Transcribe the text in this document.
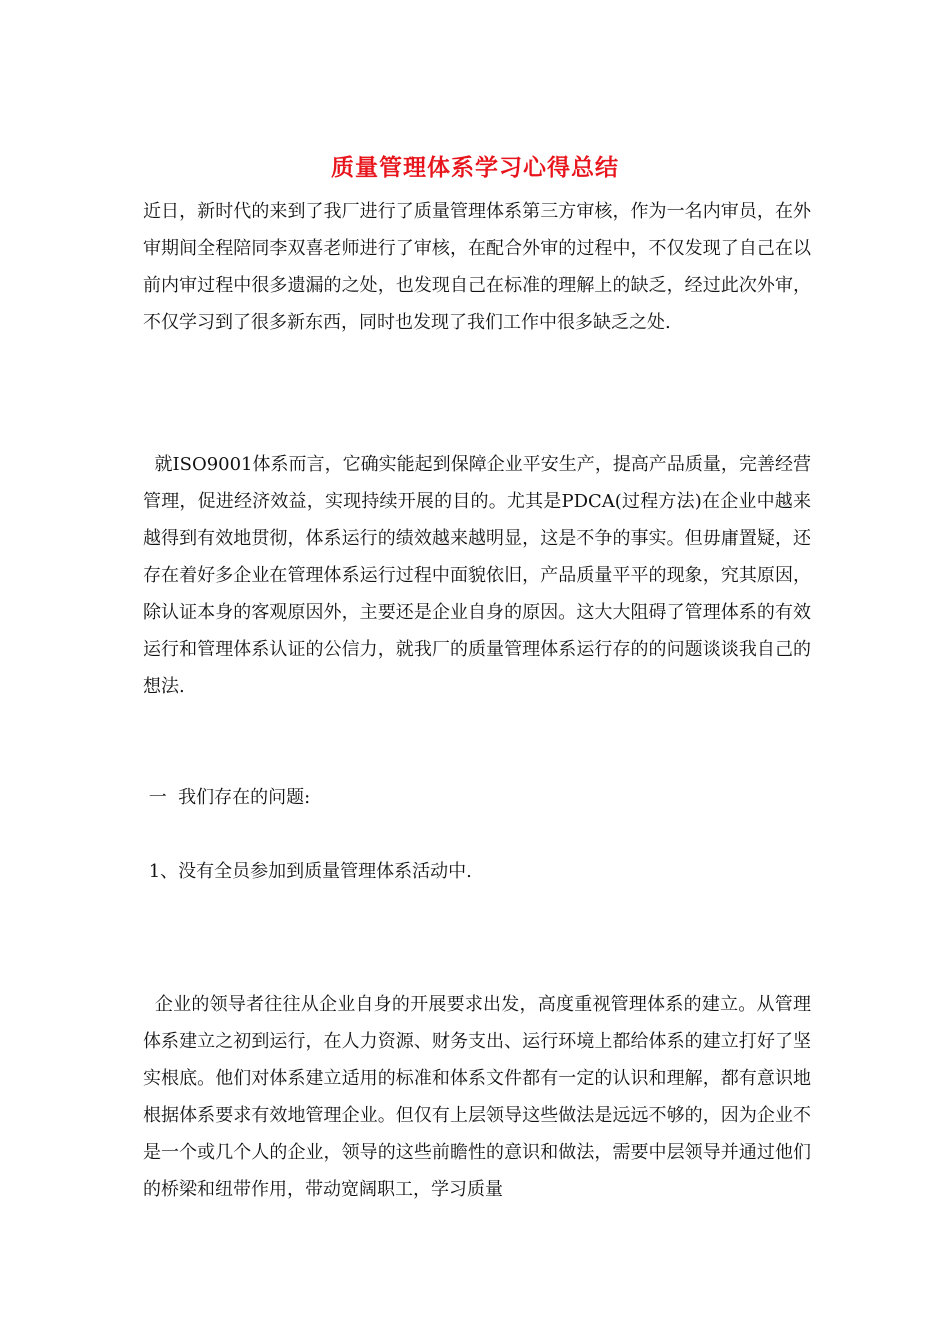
质量管理体系学习心得总结

近日，新时代的来到了我厂进行了质量管理体系第三方审核，作为一名内审员，在外审期间全程陪同李双喜老师进行了审核，在配合外审的过程中，不仅发现了自己在以前内审过程中很多遗漏的之处，也发现自己在标准的理解上的缺乏，经过此次外审，不仅学习到了很多新东西，同时也发现了我们工作中很多缺乏之处.

就ISO9001体系而言，它确实能起到保障企业平安生产，提高产品质量，完善经营管理，促进经济效益，实现持续开展的目的。尤其是PDCA(过程方法)在企业中越来越得到有效地贯彻，体系运行的绩效越来越明显，这是不争的事实。但毋庸置疑，还存在着好多企业在管理体系运行过程中面貌依旧，产品质量平平的现象，究其原因，除认证本身的客观原因外，主要还是企业自身的原因。这大大阻碍了管理体系的有效运行和管理体系认证的公信力，就我厂的质量管理体系运行存的的问题谈谈我自己的想法.

一  我们存在的问题:

1、没有全员参加到质量管理体系活动中.

企业的领导者往往从企业自身的开展要求出发，高度重视管理体系的建立。从管理体系建立之初到运行，在人力资源、财务支出、运行环境上都给体系的建立打好了坚实根底。他们对体系建立适用的标准和体系文件都有一定的认识和理解，都有意识地根据体系要求有效地管理企业。但仅有上层领导这些做法是远远不够的，因为企业不是一个或几个人的企业，领导的这些前瞻性的意识和做法，需要中层领导并通过他们的桥梁和纽带作用，带动宽阔职工，学习质量
